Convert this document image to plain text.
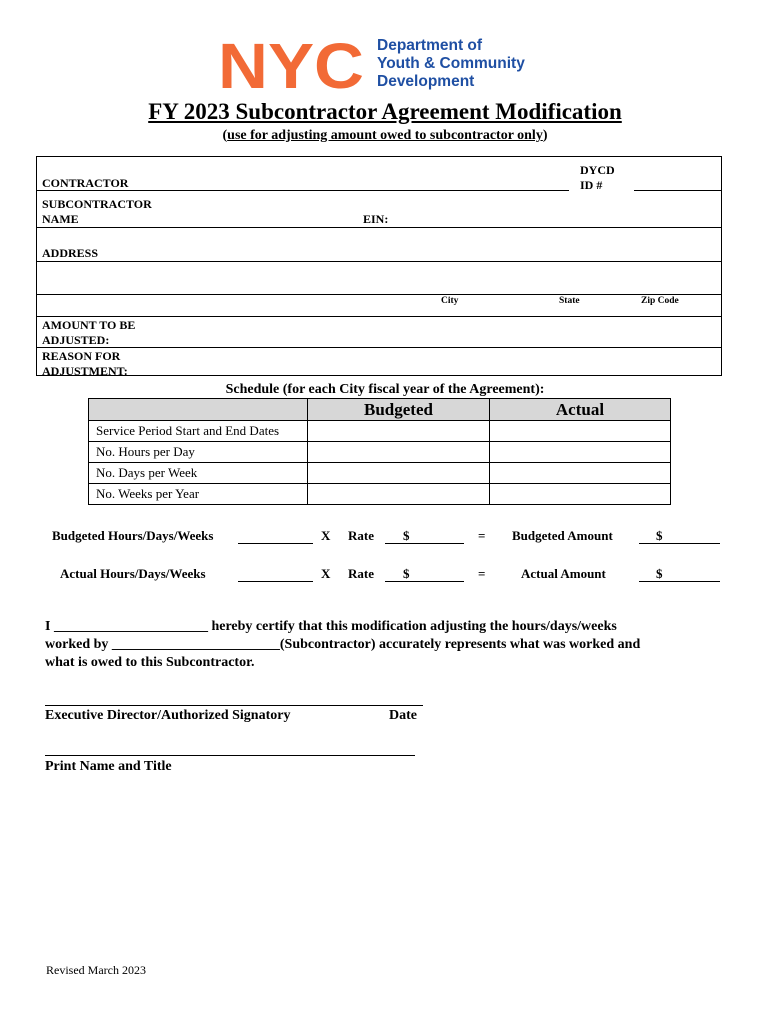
NYC Department of
Youth & Community
Development
FY 2023 Subcontractor Agreement Modification
(use for adjusting amount owed to subcontractor only)
CONTRACTOR
DYCD
ID #
SUBCONTRACTOR
NAME	EIN:
ADDRESS
City	State	Zip Code
AMOUNT TO BE
ADJUSTED:
REASON FOR
ADJUSTMENT:
Schedule (for each City fiscal year of the Agreement):
	Budgeted	Actual
Service Period Start and End Dates		
No. Hours per Day		
No. Days per Week		
No. Weeks per Year		
Budgeted Hours/Days/Weeks	X Rate $	= Budgeted Amount	$
Actual Hours/Days/Weeks	X Rate $	=	Actual Amount	$
I ______________________ hereby certify that this modification adjusting the hours/days/weeks
worked by ________________________(Subcontractor) accurately represents what was worked and
what is owed to this Subcontractor.
Executive Director/Authorized Signatory	Date
Print Name and Title
Revised March 2023
